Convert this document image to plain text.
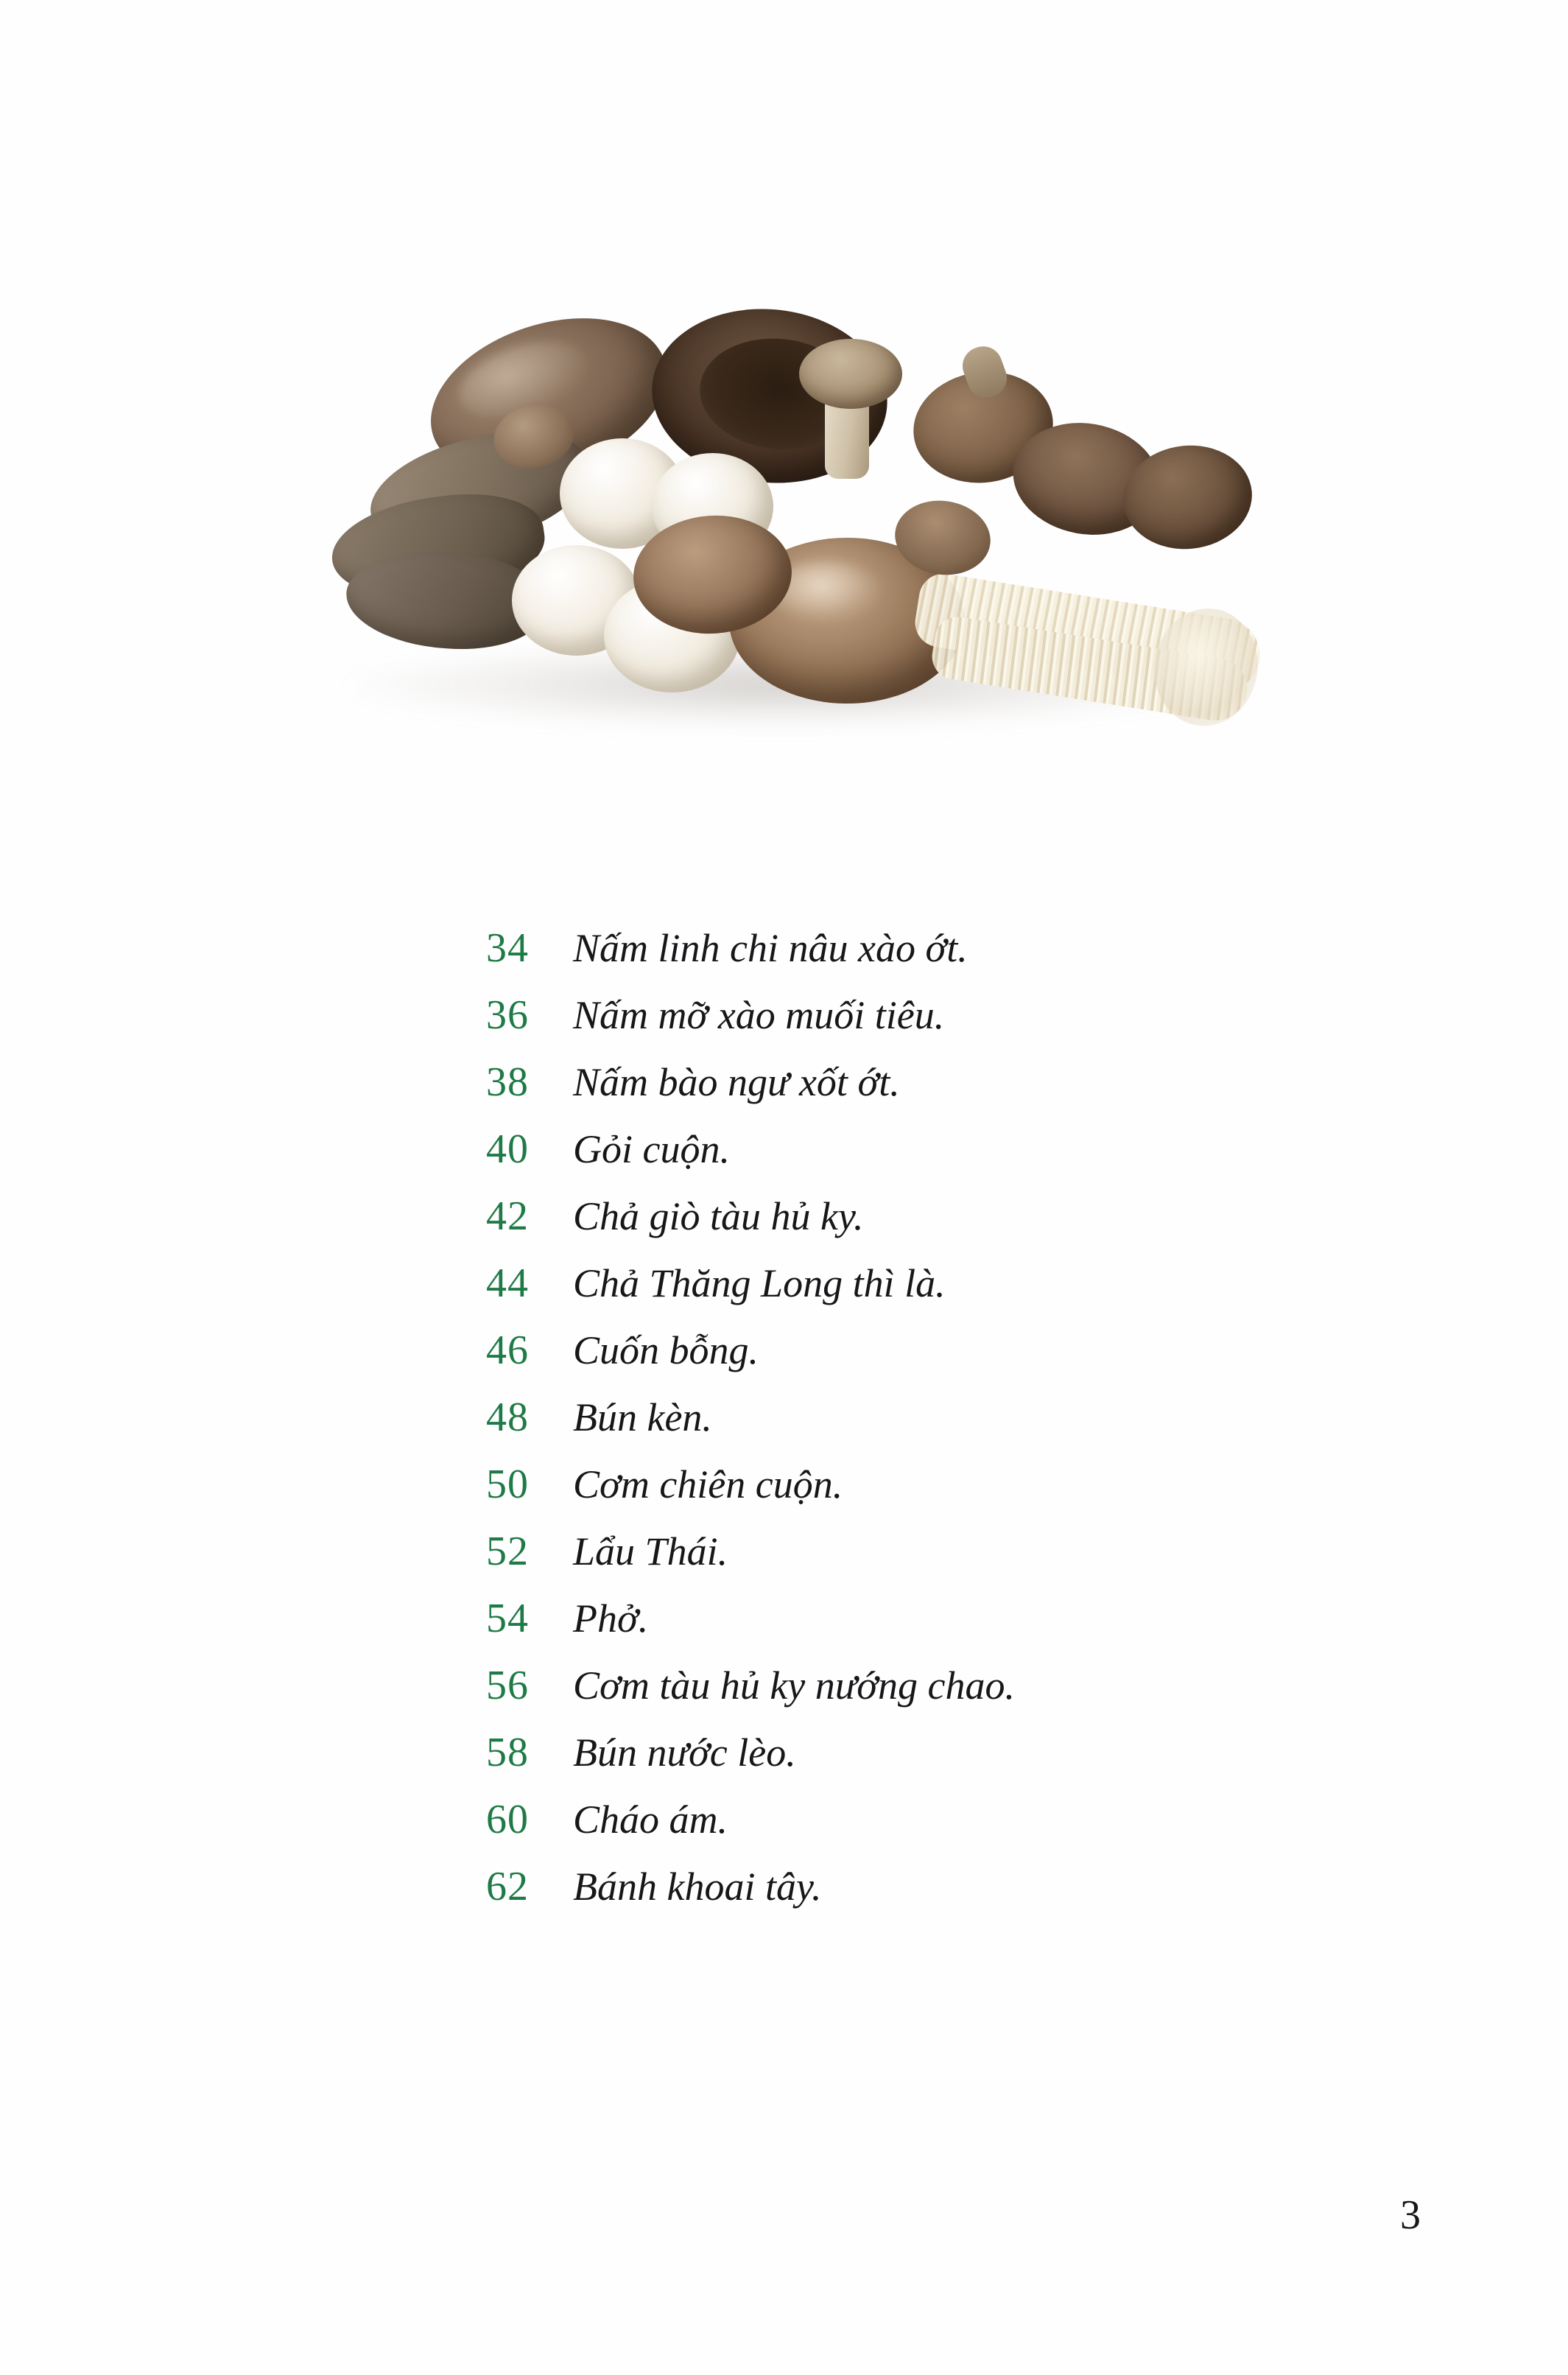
34	Nấm linh chi nâu xào ớt.
36	Nấm mỡ xào muối tiêu.
38	Nấm bào ngư xốt ớt.
40	Gỏi cuộn.
42	Chả giò tàu hủ ky.
44	Chả Thăng Long thì là.
46	Cuốn bỗng.
48	Bún kèn.
50	Cơm chiên cuộn.
52	Lẩu Thái.
54	Phở.
56	Cơm tàu hủ ky nướng chao.
58	Bún nước lèo.
60	Cháo ám.
62	Bánh khoai tây.
3
